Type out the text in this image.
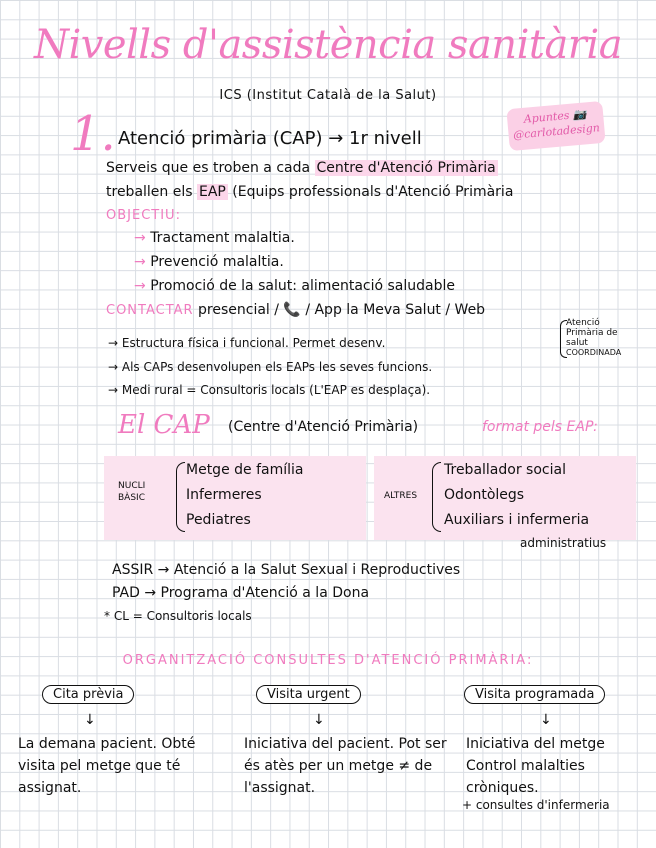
Nivells d'assistència sanitària
ICS (Institut Català de la Salut)
Apuntes 📷
@carlotadesign
1. Atenció primària (CAP) → 1r nivell
Serveis que es troben a cada Centre d'Atenció Primària
treballen els EAP (Equips professionals d'Atenció Primària
OBJECTIU:
→ Tractament malaltia.
→ Prevenció malaltia.
→ Promoció de la salut: alimentació saludable
CONTACTAR presencial / 📞 / App la Meva Salut / Web
→ Estructura física i funcional. Permet desenv.
→ Als CAPs desenvolupen els EAPs les seves funcions.
→ Medi rural = Consultoris locals (L'EAP es desplaça).
Atenció Primària de salut
COORDINADA
El CAP (Centre d'Atenció Primària)	format pels EAP:
NUCLI
BÀSIC
Metge de família
Infermeres
Pediatres
ALTRES
Treballador social
Odontòlegs
Auxiliars i infermeria
administratius
ASSIR → Atenció a la Salut Sexual i Reproductives
PAD → Programa d'Atenció a la Dona
* CL = Consultoris locals
ORGANITZACIÓ CONSULTES D'ATENCIÓ PRIMÀRIA:
Cita prèvia	Visita urgent	Visita programada
↓	↓	↓
La demana pacient. Obté visita pel metge que té assignat.
Iniciativa del pacient. Pot ser és atès per un metge ≠ de l'assignat.
Iniciativa del metge Control malalties cròniques.
+ consultes d'infermeria
